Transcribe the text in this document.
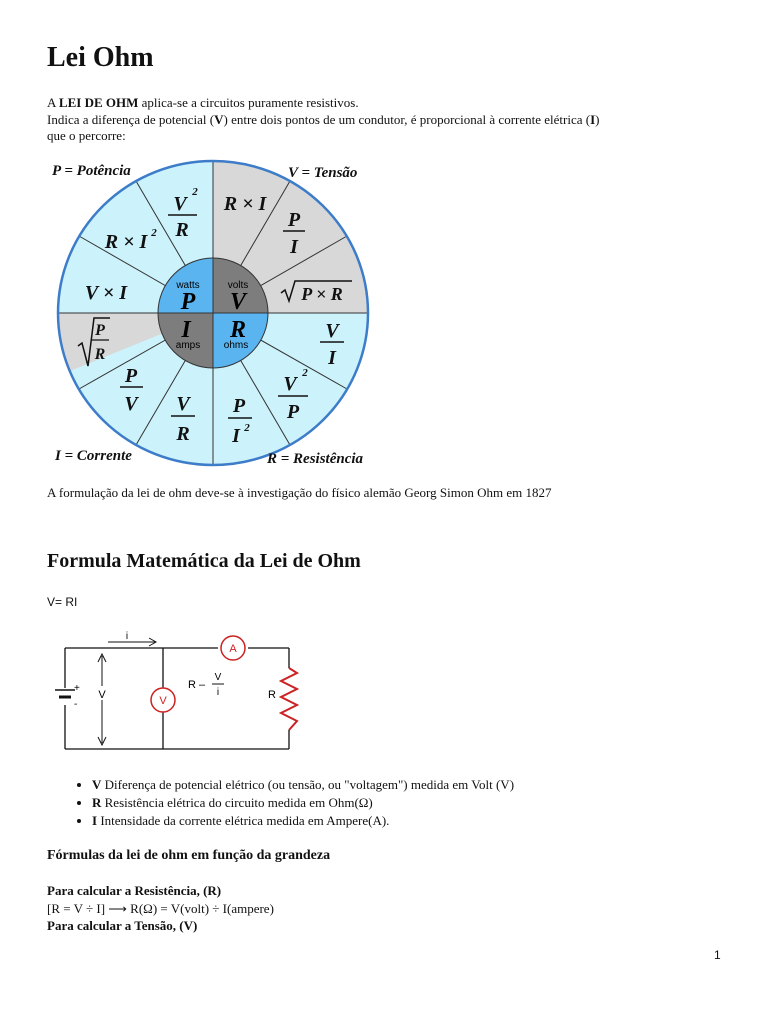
Lei Ohm

A LEI DE OHM aplica-se a circuitos puramente resistivos.

Indica a diferença de potencial (V) entre dois pontos de um condutor, é proporcional à corrente elétrica (I)

que o percorre:

watts
P
volts
V
I
amps
R
ohms
V
2
R
R × I
P
I
R × I 2
V × I	P × R
P
R
V
I
P
V
V 2
P
V
R
P
I 2
P = Potência	V = Tensão
I = Corrente	R = Resistência

A formulação da lei de ohm deve-se à investigação do físico alemão Georg Simon Ohm em 1827

Formula Matemática da Lei de Ohm

V= RI

+
-
V
i
A
V
R –
V
i	R
• V Diferença de potencial elétrico (ou tensão, ou "voltagem") medida em Volt (V)
• R Resistência elétrica do circuito medida em Ohm(Ω)
• I Intensidade da corrente elétrica medida em Ampere(A).
Fórmulas da lei de ohm em função da grandeza

Para calcular a Resistência, (R)

[R = V ÷ I] ⟶ R(Ω) = V(volt) ÷ I(ampere)

Para calcular a Tensão, (V)

1
